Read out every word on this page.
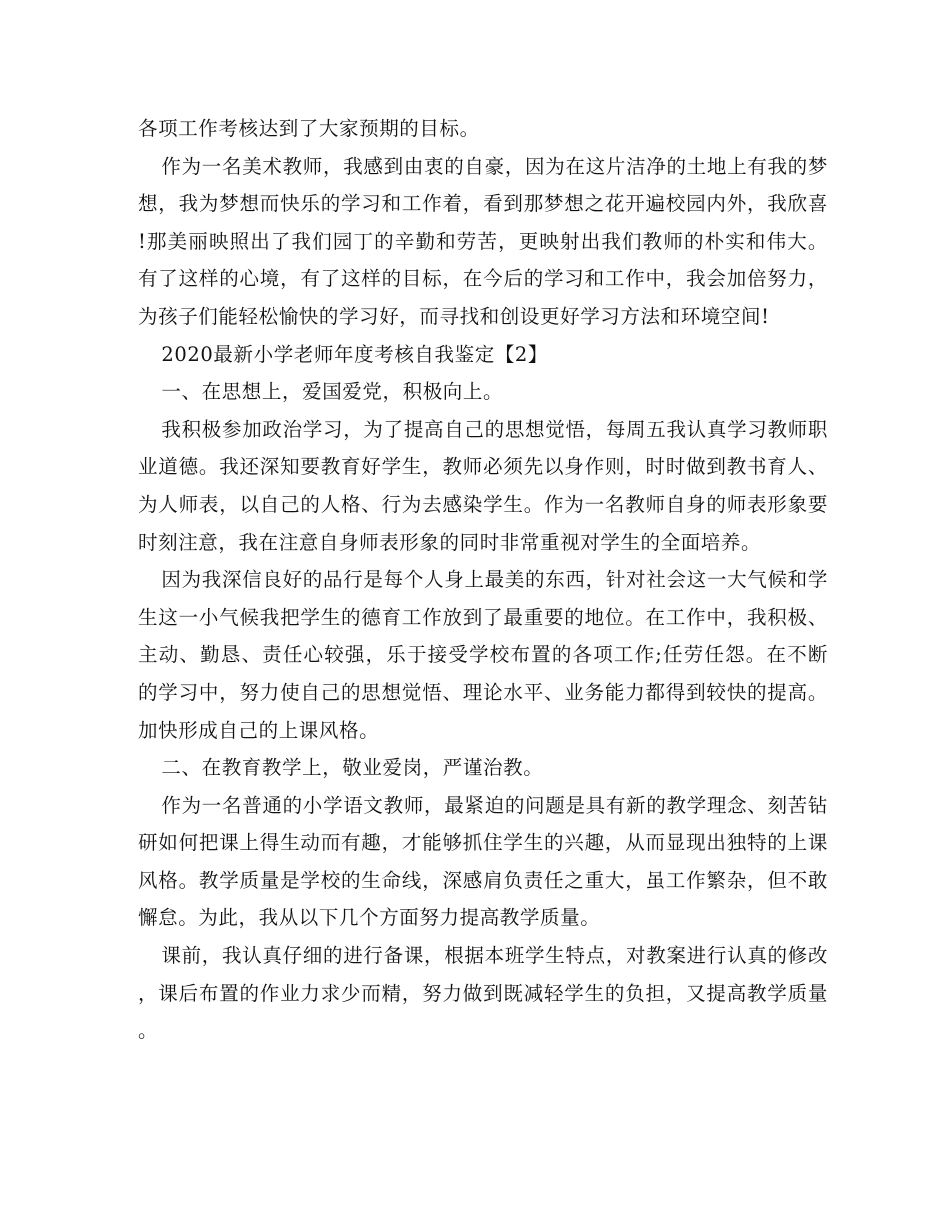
各项工作考核达到了大家预期的目标。

作为一名美术教师，我感到由衷的自豪，因为在这片洁净的土地上有我的梦想，我为梦想而快乐的学习和工作着，看到那梦想之花开遍校园内外，我欣喜!那美丽映照出了我们园丁的辛勤和劳苦，更映射出我们教师的朴实和伟大。有了这样的心境，有了这样的目标，在今后的学习和工作中，我会加倍努力，为孩子们能轻松愉快的学习好，而寻找和创设更好学习方法和环境空间!

2020最新小学老师年度考核自我鉴定【2】

一、在思想上，爱国爱党，积极向上。

我积极参加政治学习，为了提高自己的思想觉悟，每周五我认真学习教师职业道德。我还深知要教育好学生，教师必须先以身作则，时时做到教书育人、为人师表，以自己的人格、行为去感染学生。作为一名教师自身的师表形象要时刻注意，我在注意自身师表形象的同时非常重视对学生的全面培养。

因为我深信良好的品行是每个人身上最美的东西，针对社会这一大气候和学生这一小气候我把学生的德育工作放到了最重要的地位。在工作中，我积极、主动、勤恳、责任心较强，乐于接受学校布置的各项工作;任劳任怨。在不断的学习中，努力使自己的思想觉悟、理论水平、业务能力都得到较快的提高。加快形成自己的上课风格。

二、在教育教学上，敬业爱岗，严谨治教。

作为一名普通的小学语文教师，最紧迫的问题是具有新的教学理念、刻苦钻研如何把课上得生动而有趣，才能够抓住学生的兴趣，从而显现出独特的上课风格。教学质量是学校的生命线，深感肩负责任之重大，虽工作繁杂，但不敢懈怠。为此，我从以下几个方面努力提高教学质量。

课前，我认真仔细的进行备课，根据本班学生特点，对教案进行认真的修改，课后布置的作业力求少而精，努力做到既减轻学生的负担，又提高教学质量。
